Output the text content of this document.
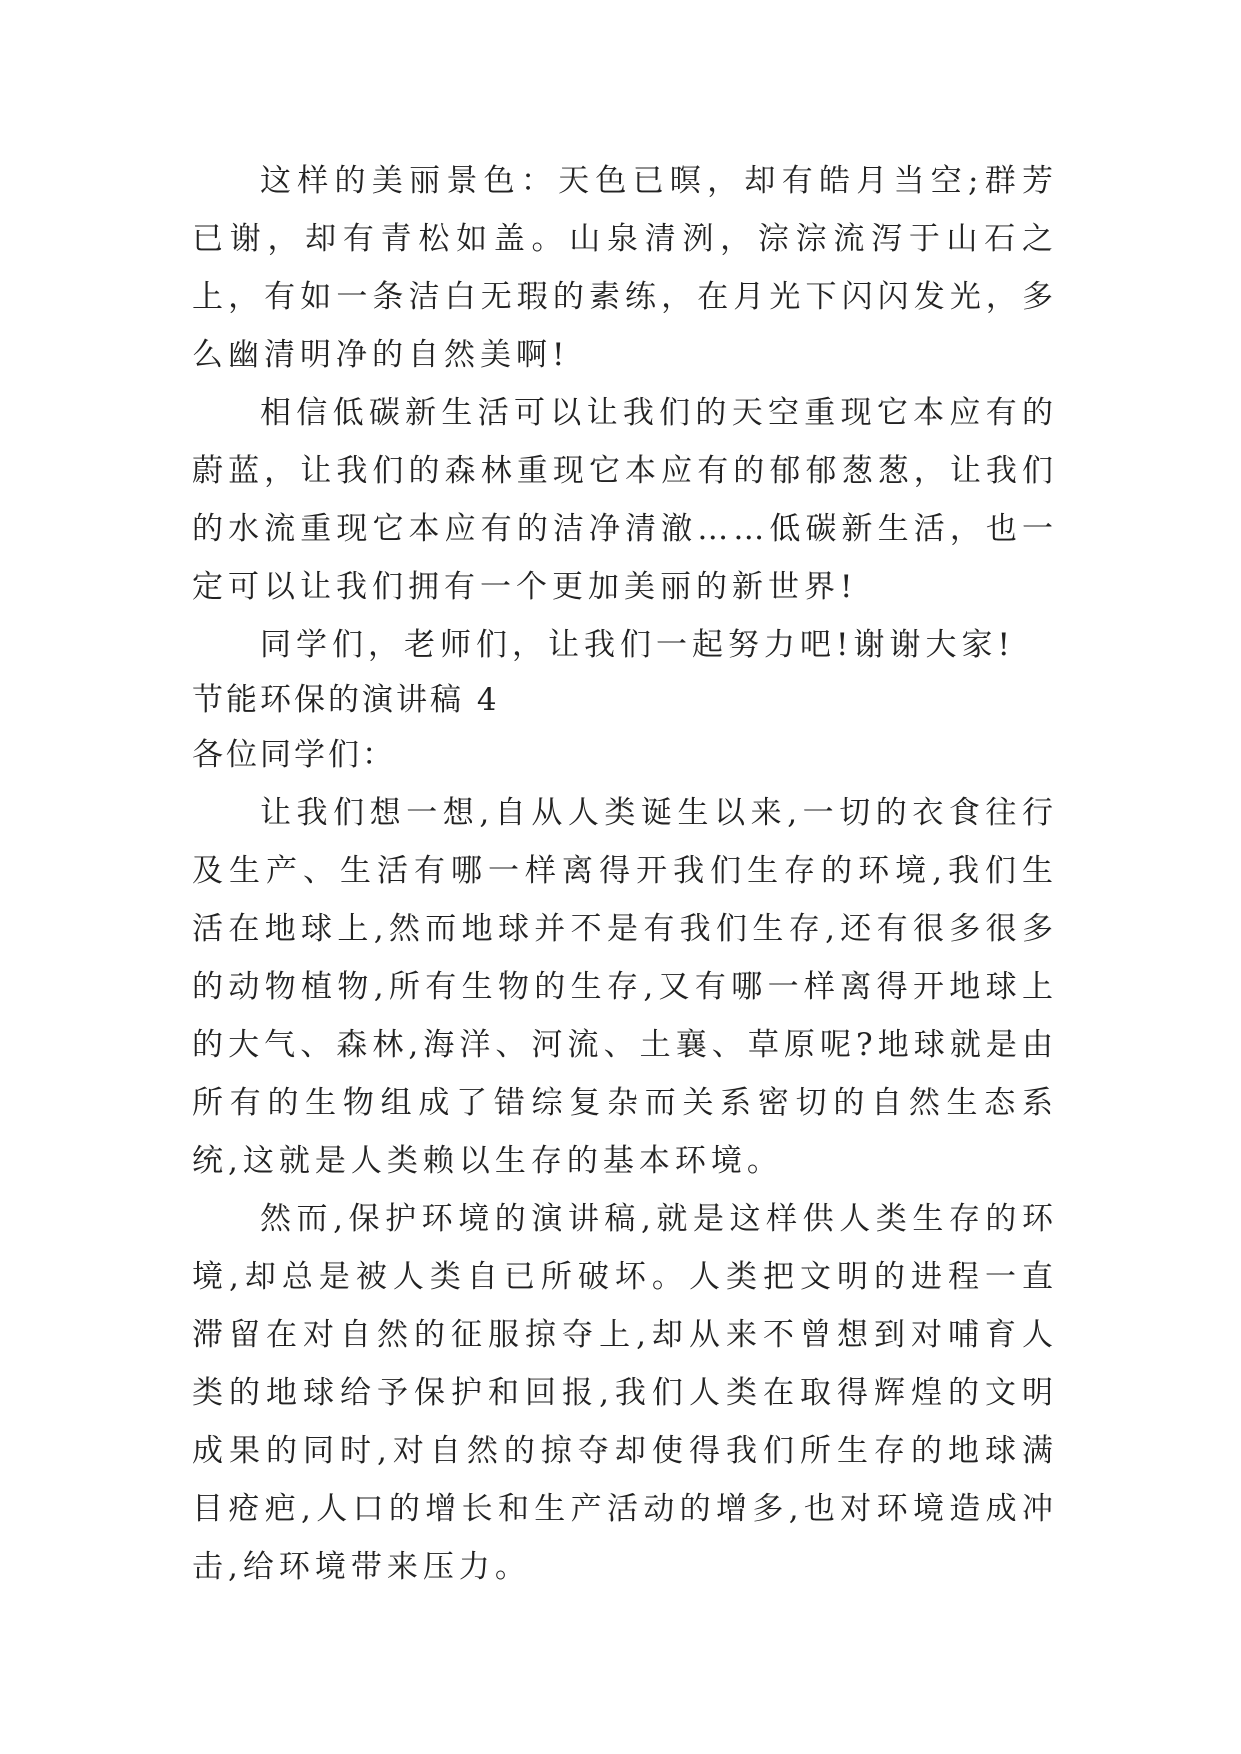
这样的美丽景色：天色已暝，却有皓月当空;群芳已谢，却有青松如盖。山泉清洌，淙淙流泻于山石之上，有如一条洁白无瑕的素练，在月光下闪闪发光，多么幽清明净的自然美啊!

相信低碳新生活可以让我们的天空重现它本应有的蔚蓝，让我们的森林重现它本应有的郁郁葱葱，让我们的水流重现它本应有的洁净清澈……低碳新生活，也一定可以让我们拥有一个更加美丽的新世界!

同学们，老师们，让我们一起努力吧!谢谢大家!

节能环保的演讲稿 4

各位同学们：

让我们想一想,自从人类诞生以来,一切的衣食往行及生产、生活有哪一样离得开我们生存的环境,我们生活在地球上,然而地球并不是有我们生存,还有很多很多的动物植物,所有生物的生存,又有哪一样离得开地球上的大气、森林,海洋、河流、土襄、草原呢?地球就是由所有的生物组成了错综复杂而关系密切的自然生态系统,这就是人类赖以生存的基本环境。

然而,保护环境的演讲稿,就是这样供人类生存的环境,却总是被人类自已所破坏。人类把文明的进程一直滞留在对自然的征服掠夺上,却从来不曾想到对哺育人类的地球给予保护和回报,我们人类在取得辉煌的文明成果的同时,对自然的掠夺却使得我们所生存的地球满目疮疤,人口的增长和生产活动的增多,也对环境造成冲击,给环境带来压力。
